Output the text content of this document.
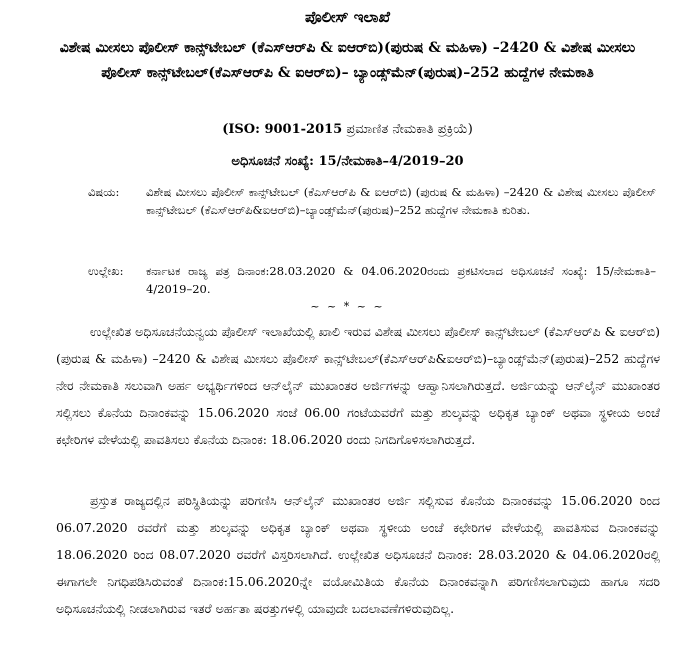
ಪೊಲೀಸ್ ಇಲಾಖೆ
ವಿಶೇಷ ಮೀಸಲು ಪೊಲೀಸ್ ಕಾನ್ಸ್‌ಟೇಬಲ್ (ಕೆಎಸ್‌ಆರ್‌ಪಿ & ಐಆರ್‌ಬಿ)(ಪುರುಷ & ಮಹಿಳಾ) –2420 & ವಿಶೇಷ ಮೀಸಲು ಪೊಲೀಸ್ ಕಾನ್ಸ್‌ಟೇಬಲ್(ಕೆಎಸ್‌ಆರ್‌ಪಿ & ಐಆರ್‌ಬಿ)– ಬ್ಯಾಂಡ್ಸ್‌ಮೆನ್(ಪುರುಷ)–252 ಹುದ್ದೆಗಳ ನೇಮಕಾತಿ
(ISO: 9001-2015 ಪ್ರಮಾಣಿತ ನೇಮಕಾತಿ ಪ್ರಕ್ರಿಯೆ)
ಅಧಿಸೂಚನೆ ಸಂಖ್ಯೆ: 15/ನೇಮಕಾತಿ–4/2019–20
ವಿಷಯ:	ವಿಶೇಷ ಮೀಸಲು ಪೊಲೀಸ್ ಕಾನ್ಸ್‌ಟೇಬಲ್ (ಕೆಎಸ್‌ಆರ್‌ಪಿ & ಐಆರ್‌ಬಿ) (ಪುರುಷ & ಮಹಿಳಾ) –2420 & ವಿಶೇಷ ಮೀಸಲು ಪೊಲೀಸ್ ಕಾನ್ಸ್‌ಟೇಬಲ್ (ಕೆಎಸ್‌ಆರ್‌ಪಿ&ಐಆರ್‌ಬಿ)–ಬ್ಯಾಂಡ್ಸ್‌ಮೆನ್(ಪುರುಷ)–252 ಹುದ್ದೆಗಳ ನೇಮಕಾತಿ ಕುರಿತು.
ಉಲ್ಲೇಖ:	ಕರ್ನಾಟಕ ರಾಜ್ಯ ಪತ್ರ ದಿನಾಂಕ:28.03.2020 & 04.06.2020ರಂದು ಪ್ರಕಟಿಸಲಾದ ಅಧಿಸೂಚನೆ ಸಂಖ್ಯೆ: 15/ನೇಮಕಾತಿ–4/2019–20.
~ ~ * ~ ~

ಉಲ್ಲೇಖಿತ ಅಧಿಸೂಚನೆಯನ್ವಯ ಪೊಲೀಸ್ ಇಲಾಖೆಯಲ್ಲಿ ಖಾಲಿ ಇರುವ ವಿಶೇಷ ಮೀಸಲು ಪೊಲೀಸ್ ಕಾನ್ಸ್‌ಟೇಬಲ್ (ಕೆಎಸ್‌ಆರ್‌ಪಿ & ಐಆರ್‌ಬಿ) (ಪುರುಷ & ಮಹಿಳಾ) –2420 & ವಿಶೇಷ ಮೀಸಲು ಪೊಲೀಸ್ ಕಾನ್ಸ್‌ಟೇಬಲ್(ಕೆಎಸ್‌ಆರ್‌ಪಿ&ಐಆರ್‌ಬಿ)–ಬ್ಯಾಂಡ್ಸ್‌ಮೆನ್(ಪುರುಷ)–252 ಹುದ್ದೆಗಳ ನೇರ ನೇಮಕಾತಿ ಸಲುವಾಗಿ ಅರ್ಹ ಅಭ್ಯರ್ಥಿಗಳಿಂದ ಆನ್‌ಲೈನ್ ಮುಖಾಂತರ ಅರ್ಜಿಗಳನ್ನು ಆಹ್ವಾನಿಸಲಾಗಿರುತ್ತದೆ. ಅರ್ಜಿಯನ್ನು ಆನ್‌ಲೈನ್ ಮುಖಾಂತರ ಸಲ್ಲಿಸಲು ಕೊನೆಯ ದಿನಾಂಕವನ್ನು 15.06.2020 ಸಂಜೆ 06.00 ಗಂಟೆಯವರೆಗೆ ಮತ್ತು ಶುಲ್ಕವನ್ನು ಅಧಿಕೃತ ಬ್ಯಾಂಕ್ ಅಥವಾ ಸ್ಥಳೀಯ ಅಂಚೆ ಕಛೇರಿಗಳ ವೇಳೆಯಲ್ಲಿ ಪಾವತಿಸಲು ಕೊನೆಯ ದಿನಾಂಕ: 18.06.2020 ರಂದು ನಿಗದಿಗೊಳಿಸಲಾಗಿರುತ್ತದೆ.

ಪ್ರಸ್ತುತ ರಾಜ್ಯದಲ್ಲಿನ ಪರಿಸ್ಥಿತಿಯನ್ನು ಪರಿಗಣಿಸಿ ಆನ್‌ಲೈನ್ ಮುಖಾಂತರ ಅರ್ಜಿ ಸಲ್ಲಿಸುವ ಕೊನೆಯ ದಿನಾಂಕವನ್ನು 15.06.2020 ರಿಂದ 06.07.2020 ರವರೆಗೆ ಮತ್ತು ಶುಲ್ಕವನ್ನು ಅಧಿಕೃತ ಬ್ಯಾಂಕ್ ಅಥವಾ ಸ್ಥಳೀಯ ಅಂಚೆ ಕಛೇರಿಗಳ ವೇಳೆಯಲ್ಲಿ ಪಾವತಿಸುವ ದಿನಾಂಕವನ್ನು 18.06.2020 ರಿಂದ 08.07.2020 ರವರೆಗೆ ವಿಸ್ತರಿಸಲಾಗಿದೆ. ಉಲ್ಲೇಖಿತ ಅಧಿಸೂಚನೆ ದಿನಾಂಕ: 28.03.2020 & 04.06.2020ರಲ್ಲಿ ಈಗಾಗಲೇ ನಿಗಧಿಪಡಿಸಿರುವಂತೆ ದಿನಾಂಕ:15.06.2020ನ್ನೇ ವಯೋಮಿತಿಯ ಕೊನೆಯ ದಿನಾಂಕವನ್ನಾಗಿ ಪರಿಗಣಿಸಲಾಗುವುದು ಹಾಗೂ ಸದರಿ ಅಧಿಸೂಚನೆಯಲ್ಲಿ ನೀಡಲಾಗಿರುವ ಇತರೆ ಅರ್ಹತಾ ಷರತ್ತುಗಳಲ್ಲಿ ಯಾವುದೇ ಬದಲಾವಣೆಗಳಿರುವುದಿಲ್ಲ.
